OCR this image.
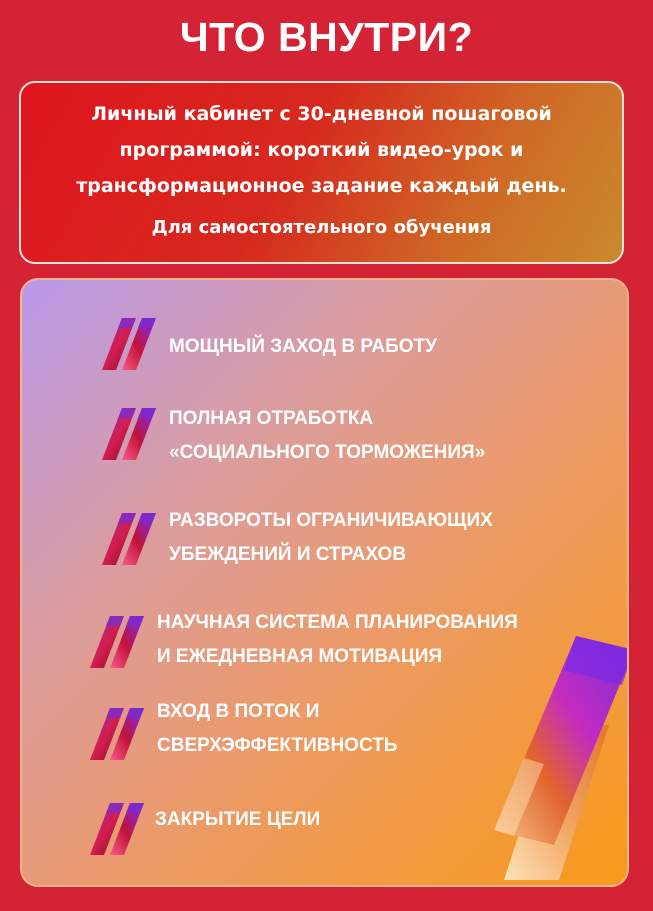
ЧТО ВНУТРИ?
Личный кабинет с 30-дневной пошаговой программой: короткий видео-урок и трансформационное задание каждый день.
Для самостоятельного обучения
МОЩНЫЙ ЗАХОД В РАБОТУ
ПОЛНАЯ ОТРАБОТКА
«СОЦИАЛЬНОГО ТОРМОЖЕНИЯ»
РАЗВОРОТЫ ОГРАНИЧИВАЮЩИХ
УБЕЖДЕНИЙ И СТРАХОВ
НАУЧНАЯ СИСТЕМА ПЛАНИРОВАНИЯ
И ЕЖЕДНЕВНАЯ МОТИВАЦИЯ
ВХОД В ПОТОК И
СВЕРХЭФФЕКТИВНОСТЬ
ЗАКРЫТИЕ ЦЕЛИ
